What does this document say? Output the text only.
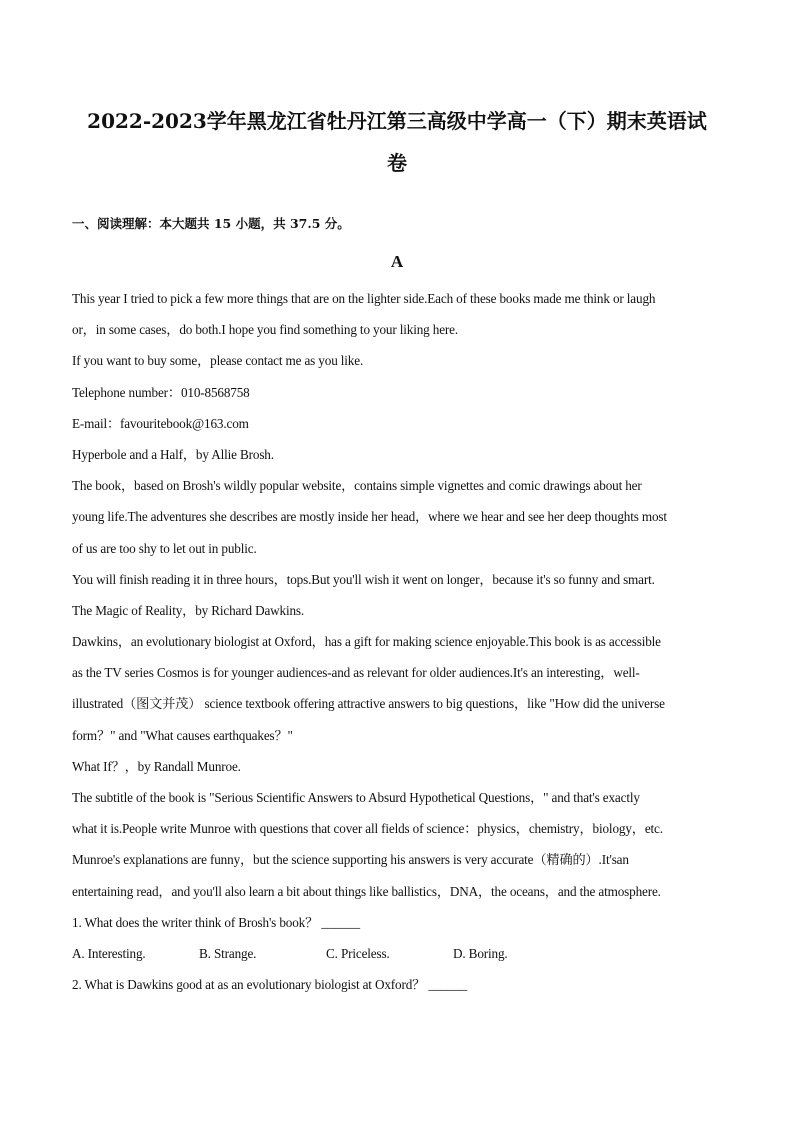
2022-2023学年黑龙江省牡丹江第三高级中学高一（下）期末英语试
卷
一、阅读理解：本大题共 15 小题，共 37.5 分。
A
This year I tried to pick a few more things that are on the lighter side.Each of these books made me think or laugh
or，in some cases，do both.I hope you find something to your liking here.
If you want to buy some，please contact me as you like.
Telephone number：010-8568758
E-mail：favouritebook@163.com
Hyperbole and a Half，by Allie Brosh.
The book，based on Brosh's wildly popular website，contains simple vignettes and comic drawings about her
young life.The adventures she describes are mostly inside her head，where we hear and see her deep thoughts most
of us are too shy to let out in public.
You will finish reading it in three hours，tops.But you'll wish it went on longer，because it's so funny and smart.
The Magic of Reality，by Richard Dawkins.
Dawkins，an evolutionary biologist at Oxford，has a gift for making science enjoyable.This book is as accessible
as the TV series Cosmos is for younger audiences-and as relevant for older audiences.It's an interesting，well-
illustrated（图文并茂） science textbook offering attractive answers to big questions，like "How did the universe
form？" and "What causes earthquakes？"
What If？，by Randall Munroe.
The subtitle of the book is "Serious Scientific Answers to Absurd Hypothetical Questions，" and that's exactly
what it is.People write Munroe with questions that cover all fields of science：physics，chemistry，biology，etc.
Munroe's explanations are funny，but the science supporting his answers is very accurate（精确的）.It'san
entertaining read，and you'll also learn a bit about things like ballistics，DNA，the oceans，and the atmosphere.
1. What does the writer think of Brosh's book？ ______
A. Interesting.	B. Strange.	C. Priceless.	D. Boring.
2. What is Dawkins good at as an evolutionary biologist at Oxford？ ______
